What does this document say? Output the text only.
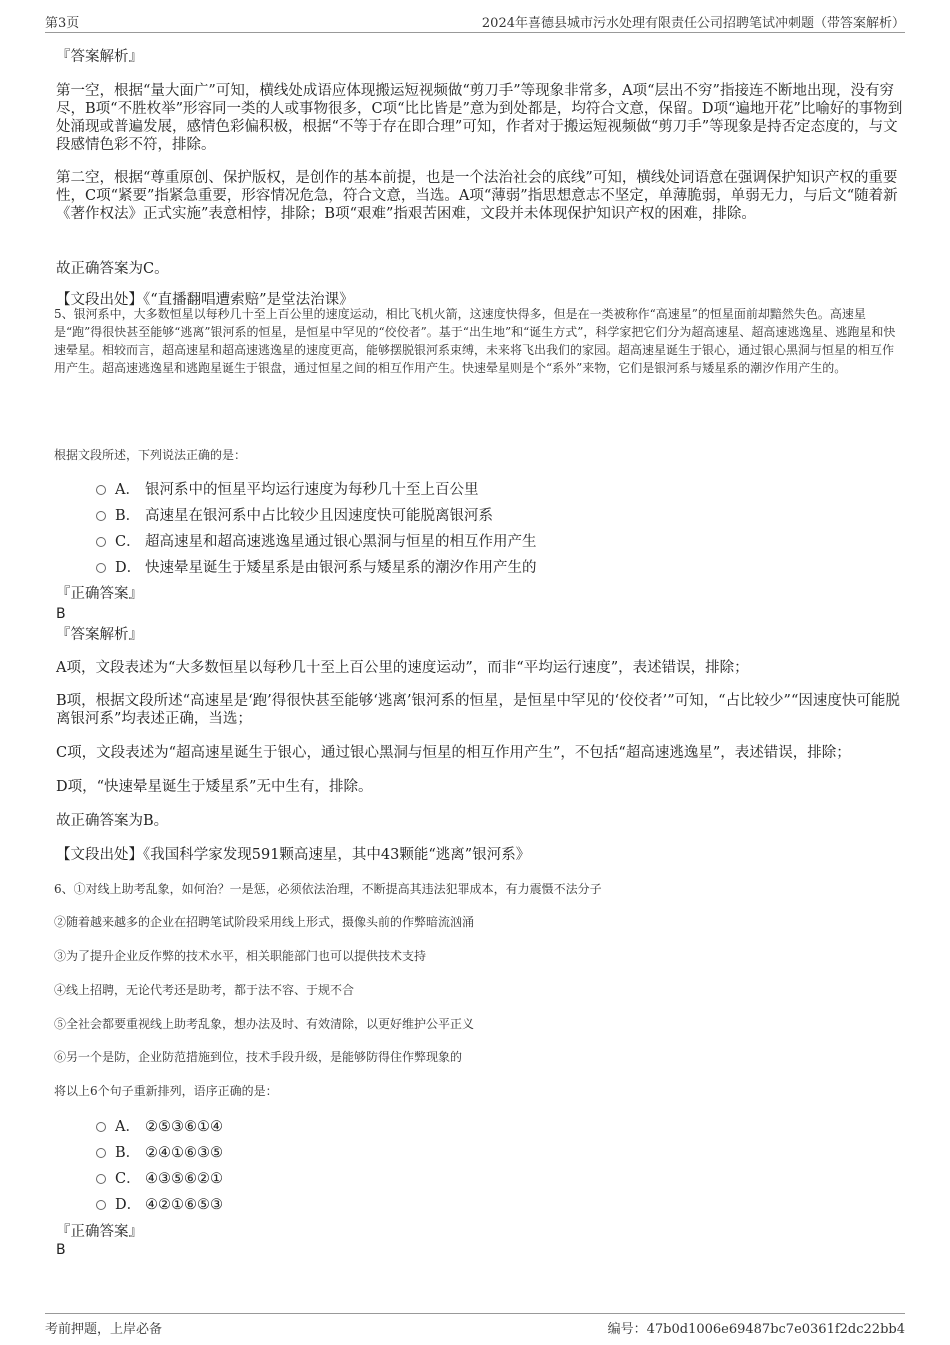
第3页	2024年喜德县城市污水处理有限责任公司招聘笔试冲刺题（带答案解析）
『答案解析』
第一空，根据“量大面广”可知，横线处成语应体现搬运短视频做“剪刀手”等现象非常多，A项“层出不穷”指接连不断地出现，没有穷尽，B项“不胜枚举”形容同一类的人或事物很多，C项“比比皆是”意为到处都是，均符合文意，保留。D项“遍地开花”比喻好的事物到处涌现或普遍发展，感情色彩偏积极，根据“不等于存在即合理”可知，作者对于搬运短视频做“剪刀手”等现象是持否定态度的，与文段感情色彩不符，排除。
第二空，根据“尊重原创、保护版权，是创作的基本前提，也是一个法治社会的底线”可知，横线处词语意在强调保护知识产权的重要性，C项“紧要”指紧急重要，形容情况危急，符合文意，当选。A项“薄弱”指思想意志不坚定，单薄脆弱，单弱无力，与后文“随着新《著作权法》正式实施”表意相悖，排除；B项“艰难”指艰苦困难，文段并未体现保护知识产权的困难，排除。
故正确答案为C。
【文段出处】《“直播翻唱遭索赔”是堂法治课》
5、银河系中，大多数恒星以每秒几十至上百公里的速度运动，相比飞机火箭，这速度快得多，但是在一类被称作“高速星”的恒星面前却黯然失色。高速星是“跑”得很快甚至能够“逃离”银河系的恒星，是恒星中罕见的“佼佼者”。基于“出生地”和“诞生方式”，科学家把它们分为超高速星、超高速逃逸星、逃跑星和快速晕星。相较而言，超高速星和超高速逃逸星的速度更高，能够摆脱银河系束缚，未来将飞出我们的家园。超高速星诞生于银心，通过银心黑洞与恒星的相互作用产生。超高速逃逸星和逃跑星诞生于银盘，通过恒星之间的相互作用产生。快速晕星则是个“系外”来物，它们是银河系与矮星系的潮汐作用产生的。
根据文段所述，下列说法正确的是：
A． 银河系中的恒星平均运行速度为每秒几十至上百公里
B． 高速星在银河系中占比较少且因速度快可能脱离银河系
C． 超高速星和超高速逃逸星通过银心黑洞与恒星的相互作用产生
D． 快速晕星诞生于矮星系是由银河系与矮星系的潮汐作用产生的
『正确答案』
B
『答案解析』
A项，文段表述为“大多数恒星以每秒几十至上百公里的速度运动”，而非“平均运行速度”，表述错误，排除；
B项，根据文段所述“高速星是‘跑’得很快甚至能够‘逃离’银河系的恒星，是恒星中罕见的‘佼佼者’”可知，“占比较少”“因速度快可能脱离银河系”均表述正确，当选；
C项，文段表述为“超高速星诞生于银心，通过银心黑洞与恒星的相互作用产生”，不包括“超高速逃逸星”，表述错误，排除；
D项，“快速晕星诞生于矮星系”无中生有，排除。
故正确答案为B。
【文段出处】《我国科学家发现591颗高速星，其中43颗能“逃离”银河系》
6、①对线上助考乱象，如何治？一是惩，必须依法治理，不断提高其违法犯罪成本，有力震慑不法分子
②随着越来越多的企业在招聘笔试阶段采用线上形式，摄像头前的作弊暗流汹涌
③为了提升企业反作弊的技术水平，相关职能部门也可以提供技术支持
④线上招聘，无论代考还是助考，都于法不容、于规不合
⑤全社会都要重视线上助考乱象，想办法及时、有效清除，以更好维护公平正义
⑥另一个是防，企业防范措施到位，技术手段升级，是能够防得住作弊现象的
将以上6个句子重新排列，语序正确的是：
A． ②⑤③⑥①④
B． ②④①⑥③⑤
C． ④③⑤⑥②①
D． ④②①⑥⑤③
『正确答案』
B
考前押题，上岸必备	编号：47b0d1006e69487bc7e0361f2dc22bb4
